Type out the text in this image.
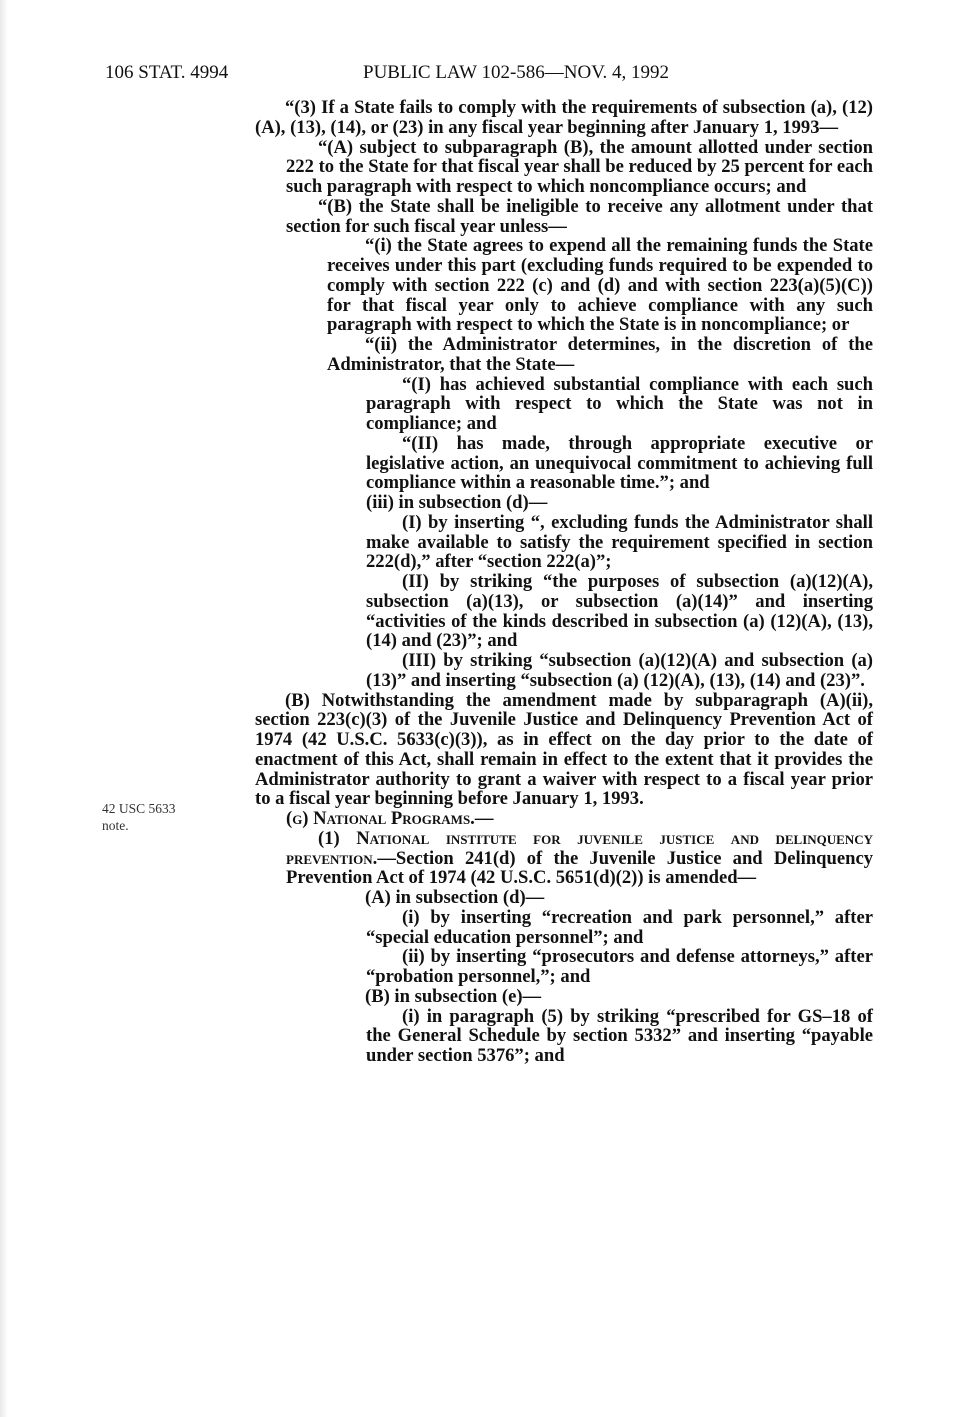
106 STAT. 4994	PUBLIC LAW 102-586—NOV. 4, 1992
42 USC 5633
note.

“(3) If a State fails to comply with the requirements of subsection (a), (12)(A), (13), (14), or (23) in any fiscal year beginning after January 1, 1993—

“(A) subject to subparagraph (B), the amount allotted under section 222 to the State for that fiscal year shall be reduced by 25 percent for each such paragraph with respect to which noncompliance occurs; and

“(B) the State shall be ineligible to receive any allotment under that section for such fiscal year unless—

“(i) the State agrees to expend all the remaining funds the State receives under this part (excluding funds required to be expended to comply with section 222 (c) and (d) and with section 223(a)(5)(C)) for that fiscal year only to achieve compliance with any such paragraph with respect to which the State is in noncompliance; or

“(ii) the Administrator determines, in the discretion of the Administrator, that the State—

“(I) has achieved substantial compliance with each such paragraph with respect to which the State was not in compliance; and

“(II) has made, through appropriate executive or legislative action, an unequivocal commitment to achieving full compliance within a reasonable time.”; and

(iii) in subsection (d)—

(I) by inserting “, excluding funds the Administrator shall make available to satisfy the requirement specified in section 222(d),” after “section 222(a)”;

(II) by striking “the purposes of subsection (a)(12)(A), subsection (a)(13), or subsection (a)(14)” and inserting “activities of the kinds described in subsection (a) (12)(A), (13), (14) and (23)”; and

(III) by striking “subsection (a)(12)(A) and subsection (a)(13)” and inserting “subsection (a) (12)(A), (13), (14) and (23)”.

(B) Notwithstanding the amendment made by subparagraph (A)(ii), section 223(c)(3) of the Juvenile Justice and Delinquency Prevention Act of 1974 (42 U.S.C. 5633(c)(3)), as in effect on the day prior to the date of enactment of this Act, shall remain in effect to the extent that it provides the Administrator authority to grant a waiver with respect to a fiscal year prior to a fiscal year beginning before January 1, 1993.

(g) National Programs.—

(1) National institute for juvenile justice and delinquency prevention.—Section 241(d) of the Juvenile Justice and Delinquency Prevention Act of 1974 (42 U.S.C. 5651(d)(2)) is amended—

(A) in subsection (d)—

(i) by inserting “recreation and park personnel,” after “special education personnel”; and

(ii) by inserting “prosecutors and defense attorneys,” after “probation personnel,”; and

(B) in subsection (e)—

(i) in paragraph (5) by striking “prescribed for GS–18 of the General Schedule by section 5332” and inserting “payable under section 5376”; and
